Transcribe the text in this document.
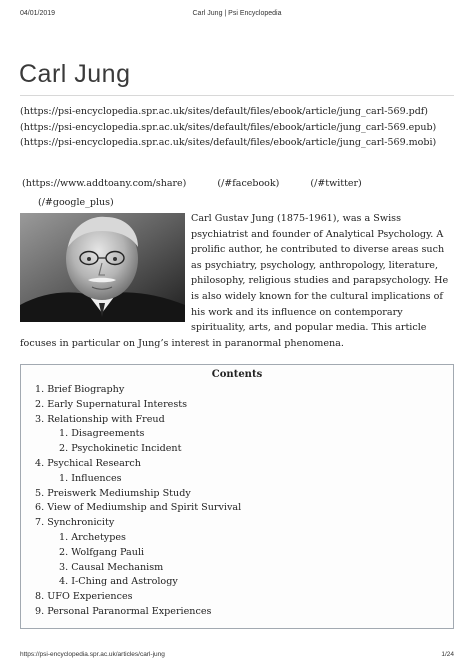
04/01/2019	Carl Jung | Psi Encyclopedia
Carl Jung
(https://psi-encyclopedia.spr.ac.uk/sites/default/files/ebook/article/jung_carl-569.pdf) (https://psi-encyclopedia.spr.ac.uk/sites/default/files/ebook/article/jung_carl-569.epub) (https://psi-encyclopedia.spr.ac.uk/sites/default/files/ebook/article/jung_carl-569.mobi)
(https://www.addtoany.com/share)	(/#facebook)	(/#twitter)
(/#google_plus)
Carl Gustav Jung (1875-1961), was a Swiss psychiatrist and founder of Analytical Psychology. A prolific author, he contributed to diverse areas such as psychiatry, psychology, anthropology, literature, philosophy, religious studies and parapsychology. He is also widely known for the cultural implications of his work and its influence on contemporary spirituality, arts, and popular media. This article
focuses in particular on Jung’s interest in paranormal phenomena.
Contents
1. Brief Biography
2. Early Supernatural Interests
3. Relationship with Freud
1. Disagreements
2. Psychokinetic Incident
4. Psychical Research
1. Influences
5. Preiswerk Mediumship Study
6. View of Mediumship and Spirit Survival
7. Synchronicity
1. Archetypes
2. Wolfgang Pauli
3. Causal Mechanism
4. I-Ching and Astrology
8. UFO Experiences
9. Personal Paranormal Experiences
https://psi-encyclopedia.spr.ac.uk/articles/carl-jung	1/24
